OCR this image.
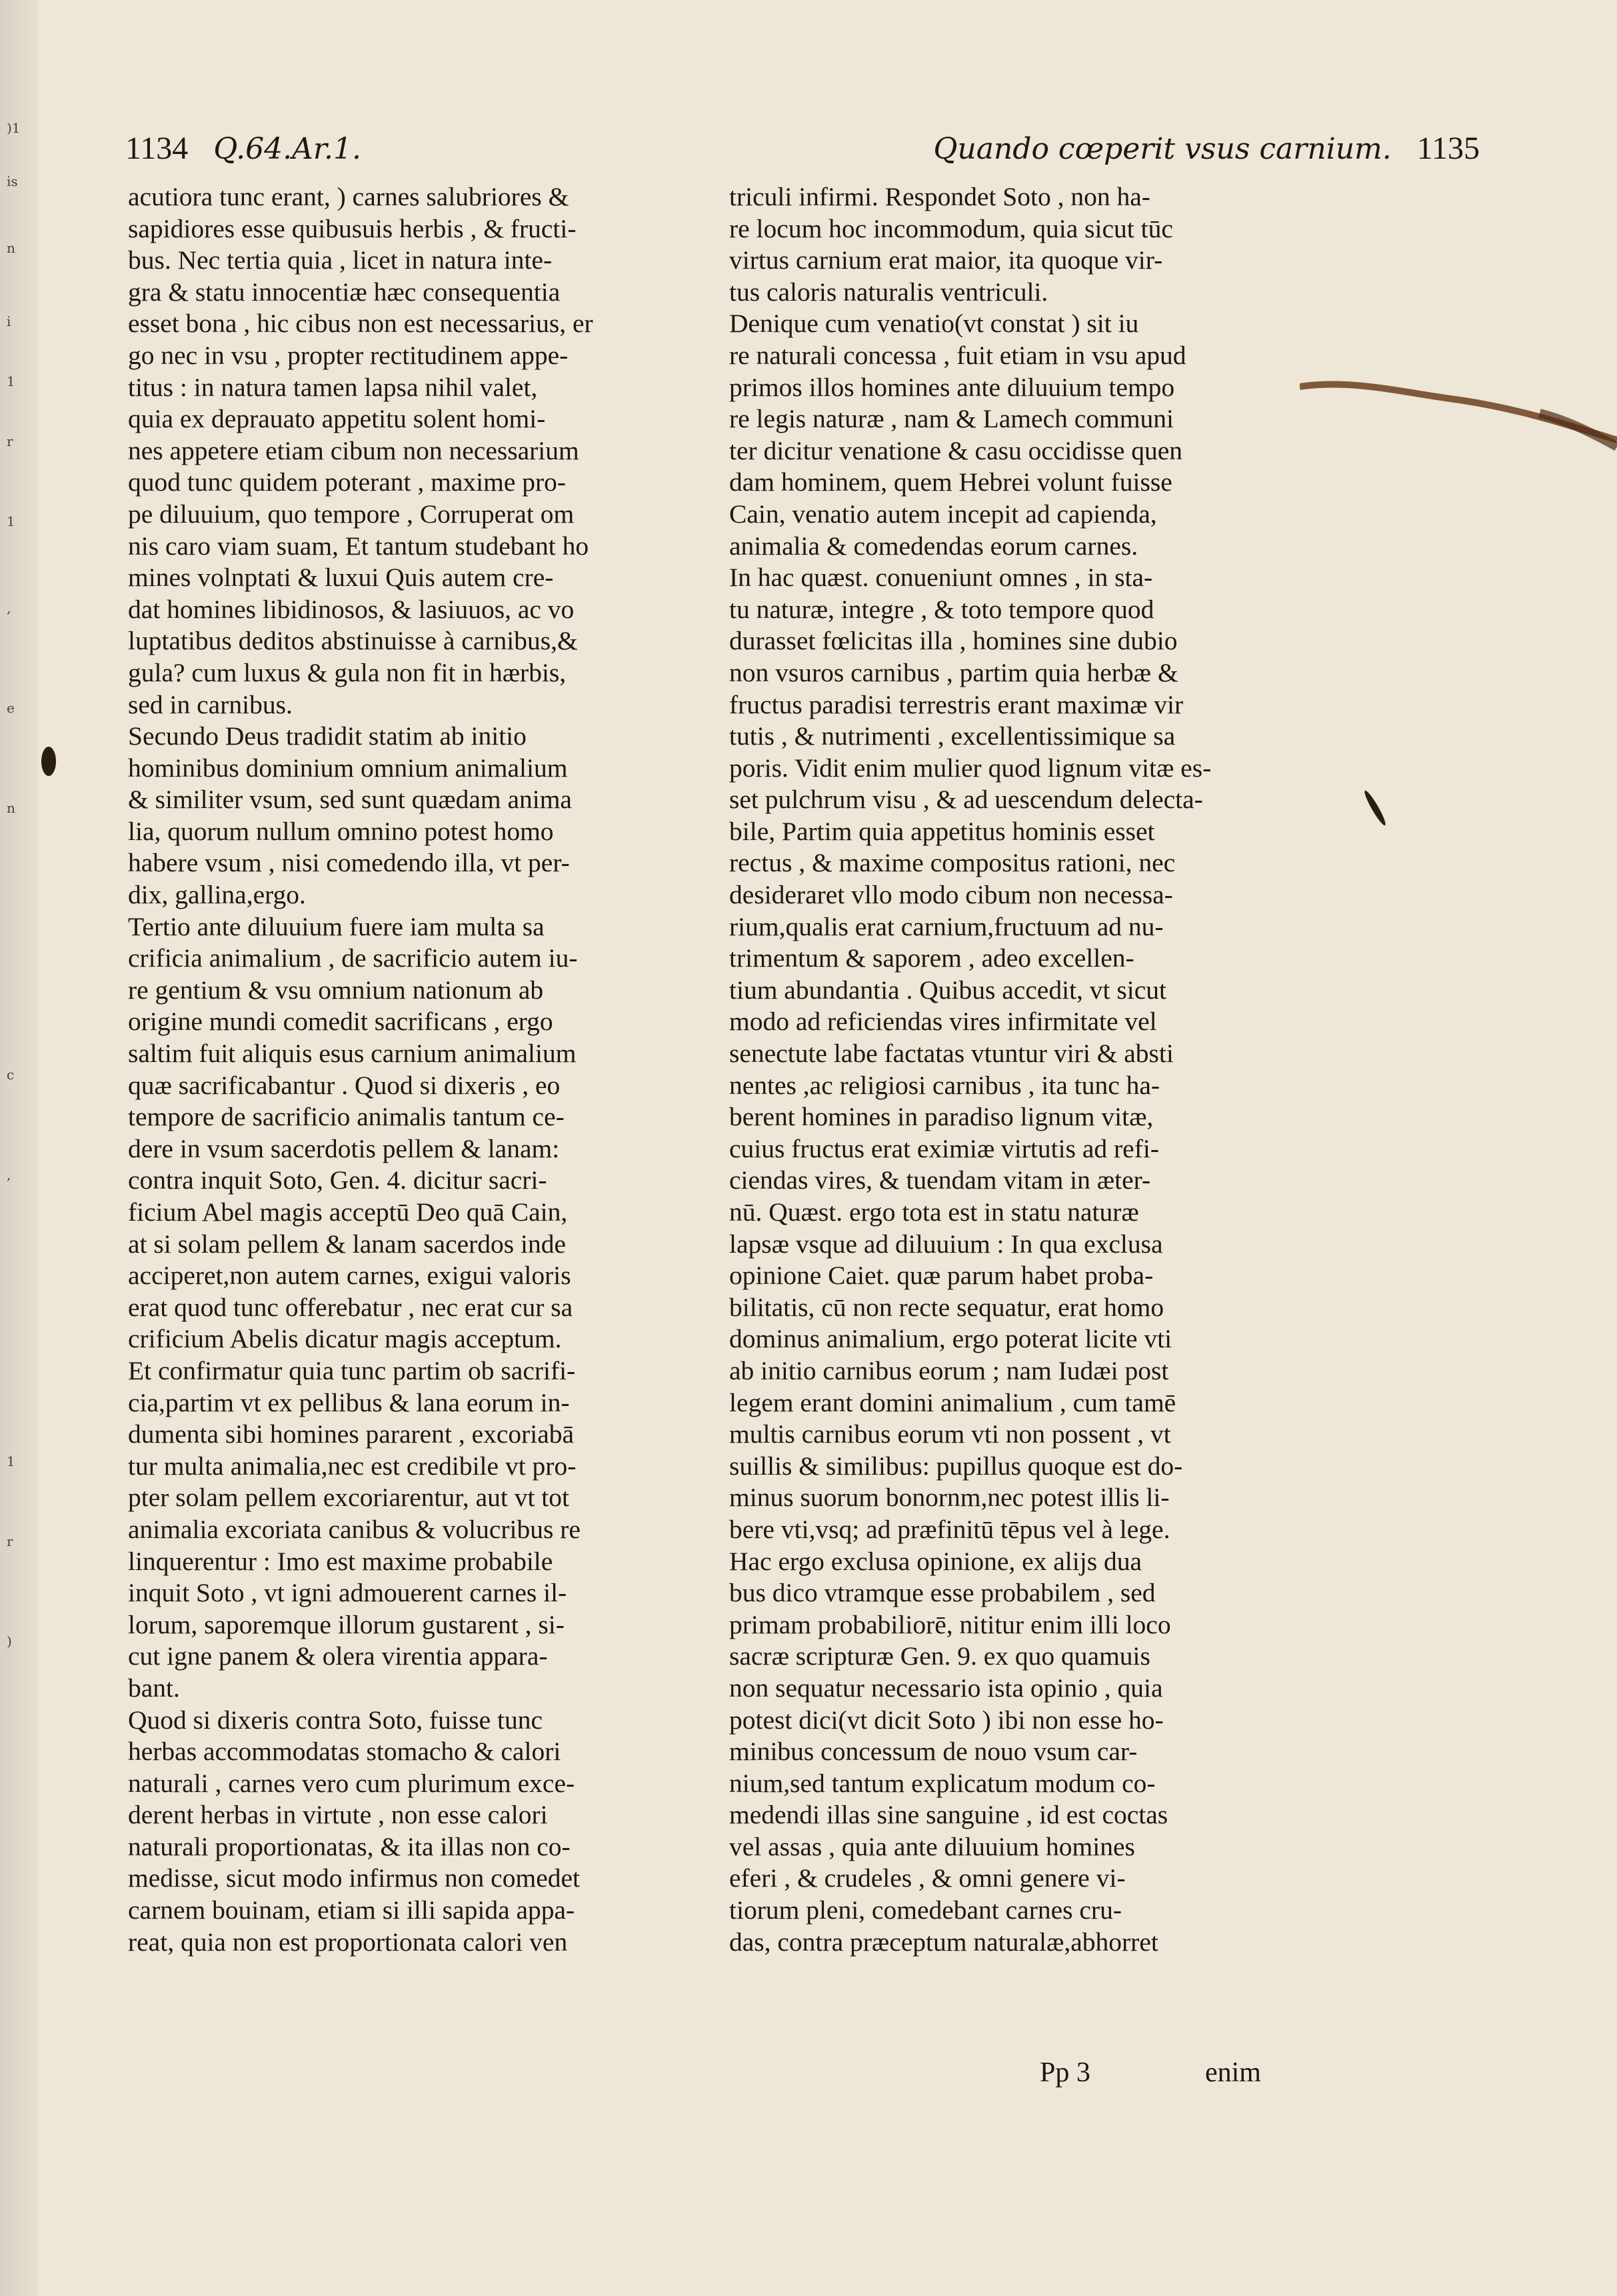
)1
is
n
i
1
r
1
,
e
n
c
,
1
r
)
1134 Q.64.Ar.1.	Quando cœperit vsus carnium. 1135
acutiora tunc erant, ) carnes salubriores &
sapidiores esse quibusuis herbis , & fructi-
bus. Nec tertia quia , licet in natura inte-
gra & statu innocentiæ hæc consequentia
esset bona , hic cibus non est necessarius, er
go nec in vsu , propter rectitudinem appe-
titus : in natura tamen lapsa nihil valet,
quia ex deprauato appetitu solent homi-
nes appetere etiam cibum non necessarium
quod tunc quidem poterant , maxime pro-
pe diluuium, quo tempore , Corruperat om
nis caro viam suam, Et tantum studebant ho
mines volnptati & luxui Quis autem cre-
dat homines libidinosos, & lasiuuos, ac vo
luptatibus deditos abstinuisse à carnibus,&
gula? cum luxus & gula non fit in hærbis,
sed in carnibus.
Secundo Deus tradidit statim ab initio
hominibus dominium omnium animalium
& similiter vsum, sed sunt quædam anima
lia, quorum nullum omnino potest homo
habere vsum , nisi comedendo illa, vt per-
dix, gallina,ergo.
Tertio ante diluuium fuere iam multa sa
crificia animalium , de sacrificio autem iu-
re gentium & vsu omnium nationum ab
origine mundi comedit sacrificans , ergo
saltim fuit aliquis esus carnium animalium
quæ sacrificabantur . Quod si dixeris , eo
tempore de sacrificio animalis tantum ce-
dere in vsum sacerdotis pellem & lanam:
contra inquit Soto, Gen. 4. dicitur sacri-
ficium Abel magis acceptū Deo quā Cain,
at si solam pellem & lanam sacerdos inde
acciperet,non autem carnes, exigui valoris
erat quod tunc offerebatur , nec erat cur sa
crificium Abelis dicatur magis acceptum.
Et confirmatur quia tunc partim ob sacrifi-
cia,partim vt ex pellibus & lana eorum in-
dumenta sibi homines pararent , excoriabā
tur multa animalia,nec est credibile vt pro-
pter solam pellem excoriarentur, aut vt tot
animalia excoriata canibus & volucribus re
linquerentur : Imo est maxime probabile
inquit Soto , vt igni admouerent carnes il-
lorum, saporemque illorum gustarent , si-
cut igne panem & olera virentia appara-
bant.
Quod si dixeris contra Soto, fuisse tunc
herbas accommodatas stomacho & calori
naturali , carnes vero cum plurimum exce-
derent herbas in virtute , non esse calori
naturali proportionatas, & ita illas non co-
medisse, sicut modo infirmus non comedet
carnem bouinam, etiam si illi sapida appa-
reat, quia non est proportionata calori ven
triculi infirmi. Respondet Soto , non ha-
re locum hoc incommodum, quia sicut tūc
virtus carnium erat maior, ita quoque vir-
tus caloris naturalis ventriculi.
Denique cum venatio(vt constat ) sit iu
re naturali concessa , fuit etiam in vsu apud
primos illos homines ante diluuium tempo
re legis naturæ , nam & Lamech communi
ter dicitur venatione & casu occidisse quen
dam hominem, quem Hebrei volunt fuisse
Cain, venatio autem incepit ad capienda,
animalia & comedendas eorum carnes.
In hac quæst. conueniunt omnes , in sta-
tu naturæ, integre , & toto tempore quod
durasset fœlicitas illa , homines sine dubio
non vsuros carnibus , partim quia herbæ &
fructus paradisi terrestris erant maximæ vir
tutis , & nutrimenti , excellentissimique sa
poris. Vidit enim mulier quod lignum vitæ es-
set pulchrum visu , & ad uescendum delecta-
bile, Partim quia appetitus hominis esset
rectus , & maxime compositus rationi, nec
desideraret vllo modo cibum non necessa-
rium,qualis erat carnium,fructuum ad nu-
trimentum & saporem , adeo excellen-
tium abundantia . Quibus accedit, vt sicut
modo ad reficiendas vires infirmitate vel
senectute labe factatas vtuntur viri & absti
nentes ,ac religiosi carnibus , ita tunc ha-
berent homines in paradiso lignum vitæ,
cuius fructus erat eximiæ virtutis ad refi-
ciendas vires, & tuendam vitam in æter-
nū. Quæst. ergo tota est in statu naturæ
lapsæ vsque ad diluuium : In qua exclusa
opinione Caiet. quæ parum habet proba-
bilitatis, cū non recte sequatur, erat homo
dominus animalium, ergo poterat licite vti
ab initio carnibus eorum ; nam Iudæi post
legem erant domini animalium , cum tamē
multis carnibus eorum vti non possent , vt
suillis & similibus: pupillus quoque est do-
minus suorum bonornm,nec potest illis li-
bere vti,vsq; ad præfinitū tēpus vel à lege.
Hac ergo exclusa opinione, ex alijs dua
bus dico vtramque esse probabilem , sed
primam probabiliorē, nititur enim illi loco
sacræ scripturæ Gen. 9. ex quo quamuis
non sequatur necessario ista opinio , quia
potest dici(vt dicit Soto ) ibi non esse ho-
minibus concessum de nouo vsum car-
nium,sed tantum explicatum modum co-
medendi illas sine sanguine , id est coctas
vel assas , quia ante diluuium homines
eferi , & crudeles , & omni genere vi-
tiorum pleni, comedebant carnes cru-
das, contra præceptum naturalæ,abhorret
Pp 3	enim
